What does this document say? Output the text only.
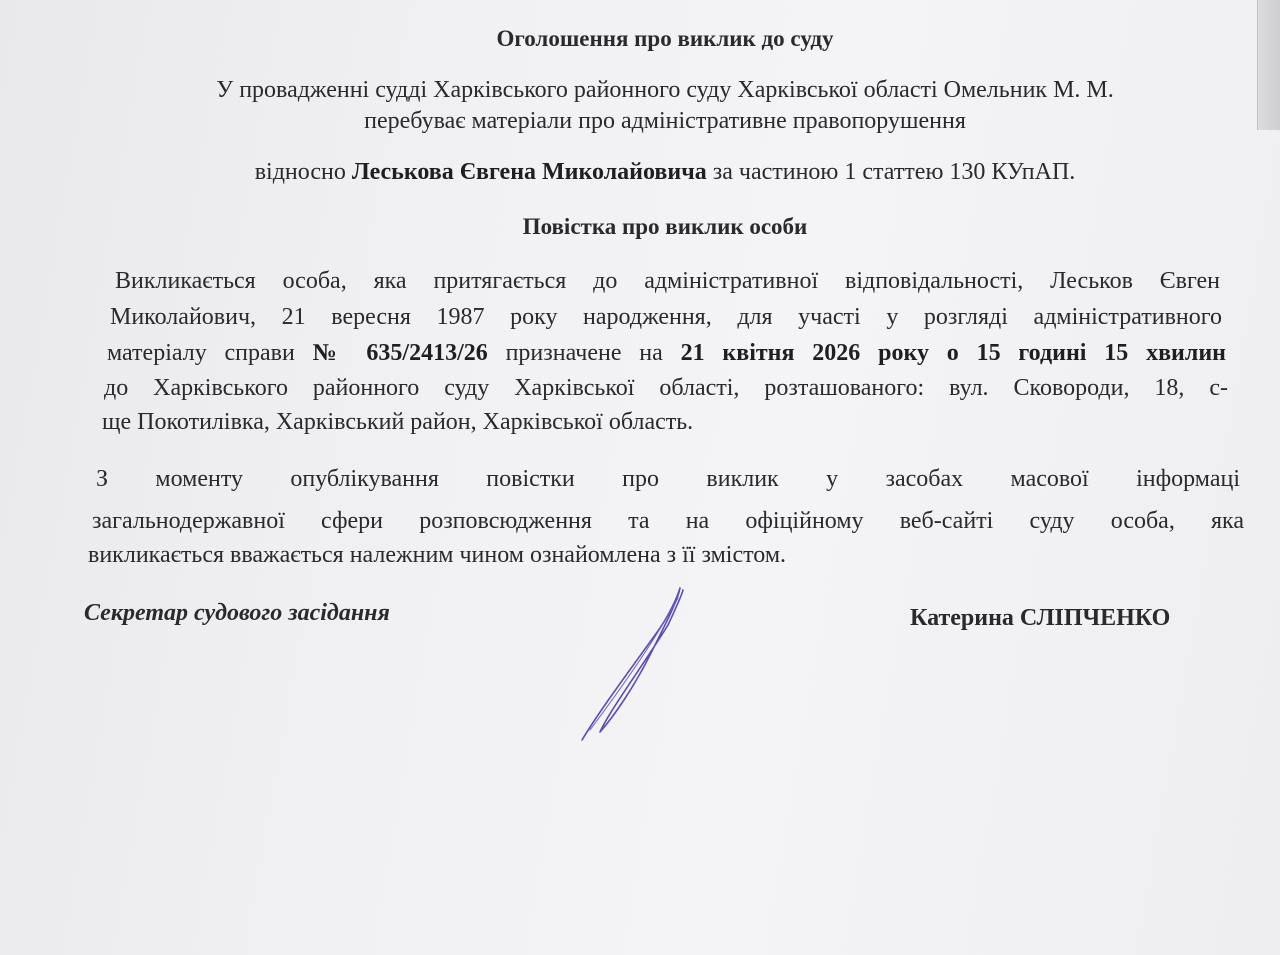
Оголошення про виклик до суду
У провадженні судді Харківського районного суду Харківської області Омельник М. М.
перебуває матеріали про адміністративне правопорушення
відносно Леськова Євгена Миколайовича за частиною 1 статтею 130 КУпАП.
Повістка про виклик особи
Викликається особа, яка притягається до адміністративної відповідальності, Леськов Євген
Миколайович, 21 вересня 1987 року народження, для участі у розгляді адміністративного
матеріалу справи № 635/2413/26 призначене на 21 квітня 2026 року о 15 годині 15 хвилин
до Харківського районного суду Харківської області, розташованого: вул. Сковороди, 18, с-
ще Покотилівка, Харківський район, Харківської область.
З моменту опублікування повістки про виклик у засобах масової інформаці
загальнодержавної сфери розповсюдження та на офіційному веб-сайті суду особа, яка
викликається вважається належним чином ознайомлена з її змістом.
Секретар судового засідання	Катерина СЛІПЧЕНКО
